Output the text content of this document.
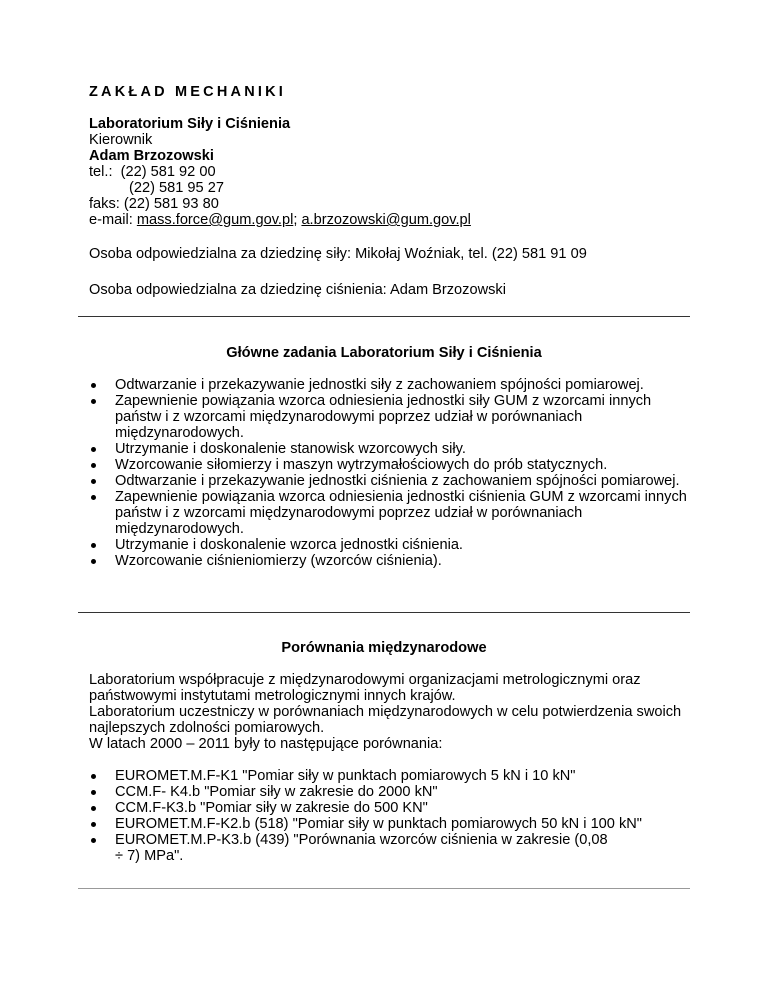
ZAKŁAD MECHANIKI
Laboratorium Siły i Ciśnienia
Kierownik
Adam Brzozowski
tel.:  (22) 581 92 00
(22) 581 95 27
faks: (22) 581 93 80
e-mail: mass.force@gum.gov.pl; a.brzozowski@gum.gov.pl
Osoba odpowiedzialna za dziedzinę siły: Mikołaj Woźniak, tel. (22) 581 91 09
Osoba odpowiedzialna za dziedzinę ciśnienia: Adam Brzozowski
Główne zadania Laboratorium Siły i Ciśnienia
Odtwarzanie i przekazywanie jednostki siły z zachowaniem spójności pomiarowej.
Zapewnienie powiązania wzorca odniesienia jednostki siły GUM z wzorcami innych państw i z wzorcami międzynarodowymi poprzez udział w porównaniach międzynarodowych.
Utrzymanie i doskonalenie stanowisk wzorcowych siły.
Wzorcowanie siłomierzy i maszyn wytrzymałościowych do prób statycznych.
Odtwarzanie i przekazywanie jednostki ciśnienia z zachowaniem spójności pomiarowej.
Zapewnienie powiązania wzorca odniesienia jednostki ciśnienia GUM z wzorcami innych państw i z wzorcami międzynarodowymi poprzez udział w porównaniach międzynarodowych.
Utrzymanie i doskonalenie wzorca jednostki ciśnienia.
Wzorcowanie ciśnieniomierzy (wzorców ciśnienia).
Porównania międzynarodowe
Laboratorium współpracuje z międzynarodowymi organizacjami metrologicznymi oraz państwowymi instytutami metrologicznymi innych krajów.
Laboratorium uczestniczy w porównaniach międzynarodowych w celu potwierdzenia swoich najlepszych zdolności pomiarowych.
W latach 2000 – 2011 były to następujące porównania:
EUROMET.M.F-K1 "Pomiar siły w punktach pomiarowych 5 kN i 10 kN"
CCM.F- K4.b "Pomiar siły w zakresie do 2000 kN"
CCM.F-K3.b "Pomiar siły w zakresie do 500 KN"
EUROMET.M.F-K2.b (518) "Pomiar siły w punktach pomiarowych 50 kN i 100 kN"
EUROMET.M.P-K3.b (439) "Porównania wzorców ciśnienia w zakresie (0,08 ÷ 7) MPa".
